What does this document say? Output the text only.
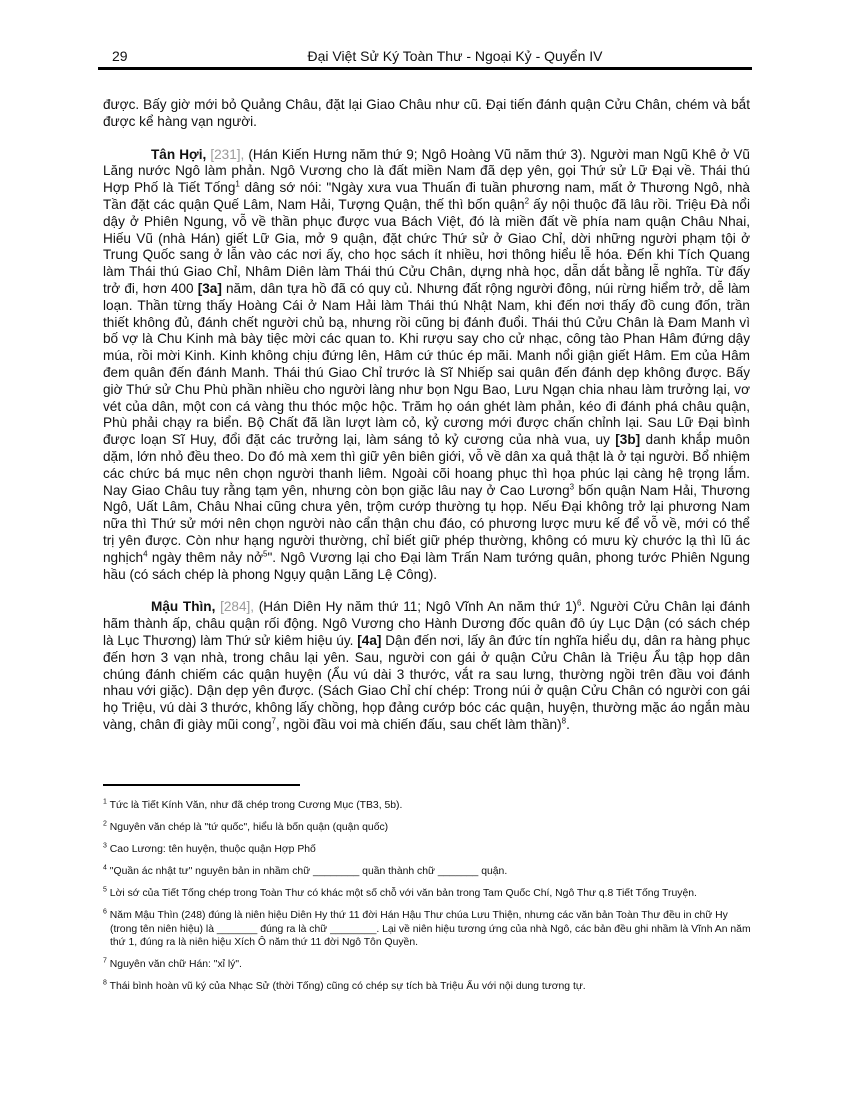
29	Đại Việt Sử Ký Toàn Thư - Ngoại Kỷ - Quyển IV

được. Bấy giờ mới bỏ Quảng Châu, đặt lại Giao Châu như cũ. Đại tiến đánh quận Cửu Chân, chém và bắt được kể hàng vạn người.

Tân Hợi, [231], (Hán Kiến Hưng năm thứ 9; Ngô Hoàng Vũ năm thứ 3). Người man Ngũ Khê ở Vũ Lăng nước Ngô làm phản. Ngô Vương cho là đất miền Nam đã dẹp yên, gọi Thứ sử Lữ Đại về. Thái thú Hợp Phố là Tiết Tống$^1$ dâng sớ nói: "Ngày xưa vua Thuấn đi tuần phương nam, mất ở Thương Ngô, nhà Tần đặt các quận Quế Lâm, Nam Hải, Tượng Quận, thế thì bốn quận$^2$ ấy nội thuộc đã lâu rồi. Triệu Đà nổi dậy ở Phiên Ngung, vỗ về thần phục được vua Bách Việt, đó là miền đất về phía nam quận Châu Nhai, Hiếu Vũ (nhà Hán) giết Lữ Gia, mở 9 quận, đặt chức Thứ sử ở Giao Chỉ, dời những người phạm tội ở Trung Quốc sang ở lẫn vào các nơi ấy, cho học sách ít nhiều, hơi thông hiểu lễ hóa. Đến khi Tích Quang làm Thái thú Giao Chỉ, Nhâm Diên làm Thái thú Cửu Chân, dựng nhà học, dẫn dắt bằng lễ nghĩa. Từ đấy trở đi, hơn 400 [3a] năm, dân tựa hồ đã có quy củ. Nhưng đất rộng người đông, núi rừng hiểm trở, dễ làm loạn. Thần từng thấy Hoàng Cái ở Nam Hải làm Thái thú Nhật Nam, khi đến nơi thấy đồ cung đốn, trần thiết không đủ, đánh chết người chủ bạ, nhưng rồi cũng bị đánh đuổi. Thái thú Cửu Chân là Đam Manh vì bố vợ là Chu Kinh mà bày tiệc mời các quan to. Khi rượu say cho cử nhạc, công tào Phan Hâm đứng dậy múa, rồi mời Kinh. Kinh không chịu đứng lên, Hâm cứ thúc ép mãi. Manh nổi giận giết Hâm. Em của Hâm đem quân đến đánh Manh. Thái thú Giao Chỉ trước là Sĩ Nhiếp sai quân đến đánh dẹp không được. Bấy giờ Thứ sử Chu Phù phần nhiều cho người làng như bọn Ngu Bao, Lưu Ngạn chia nhau làm trưởng lại, vơ vét của dân, một con cá vàng thu thóc mộc hộc. Trăm họ oán ghét làm phản, kéo đi đánh phá châu quận, Phù phải chạy ra biển. Bộ Chất đã lần lượt làm cỏ, kỷ cương mới được chấn chỉnh lại. Sau Lữ Đại bình được loạn Sĩ Huy, đổi đặt các trưởng lại, làm sáng tỏ kỷ cương của nhà vua, uy [3b] danh khắp muôn dặm, lớn nhỏ đều theo. Do đó mà xem thì giữ yên biên giới, vỗ về dân xa quả thật là ở tại người. Bổ nhiệm các chức bá mục nên chọn người thanh liêm. Ngoài cõi hoang phục thì họa phúc lại càng hệ trọng lắm. Nay Giao Châu tuy rằng tạm yên, nhưng còn bọn giặc lâu nay ở Cao Lương$^3$ bốn quận Nam Hải, Thương Ngô, Uất Lâm, Châu Nhai cũng chưa yên, trộm cướp thường tụ họp. Nếu Đại không trở lại phương Nam nữa thì Thứ sử mới nên chọn người nào cẩn thận chu đáo, có phương lược mưu kế để vỗ về, mới có thể trị yên được. Còn như hạng người thường, chỉ biết giữ phép thường, không có mưu kỳ chước lạ thì lũ ác nghịch$^4$ ngày thêm nảy nở$^5$". Ngô Vương lại cho Đại làm Trấn Nam tướng quân, phong tước Phiên Ngung hầu (có sách chép là phong Ngụy quận Lăng Lệ Công).

Mậu Thìn, [284], (Hán Diên Hy năm thứ 11; Ngô Vĩnh An năm thứ 1)$^6$. Người Cửu Chân lại đánh hãm thành ấp, châu quận rối động. Ngô Vương cho Hành Dương đốc quân đô úy Lục Dận (có sách chép là Lục Thương) làm Thứ sử kiêm hiệu úy. [4a] Dận đến nơi, lấy ân đức tín nghĩa hiểu dụ, dân ra hàng phục đến hơn 3 vạn nhà, trong châu lại yên. Sau, người con gái ở quận Cửu Chân là Triệu Ẩu tập họp dân chúng đánh chiếm các quận huyện (Ẩu vú dài 3 thước, vắt ra sau lưng, thường ngồi trên đầu voi đánh nhau với giặc). Dận dẹp yên được. (Sách Giao Chỉ chí chép: Trong núi ở quận Cửu Chân có người con gái họ Triệu, vú dài 3 thước, không lấy chồng, họp đảng cướp bóc các quận, huyện, thường mặc áo ngắn màu vàng, chân đi giày mũi cong$^7$, ngồi đầu voi mà chiến đấu, sau chết làm thần)$^8$.

$^1$ Tức là Tiết Kính Văn, như đã chép trong Cương Mục (TB3, 5b).
$^2$ Nguyên văn chép là "tứ quốc", hiểu là bốn quận (quận quốc)
$^3$ Cao Lương: tên huyện, thuộc quận Hợp Phố
$^4$ "Quần ác nhật tư" nguyên bản in nhầm chữ ________ quần thành chữ _______ quận.
$^5$ Lời sớ của Tiết Tống chép trong Toàn Thư có khác một số chỗ với văn bản trong Tam Quốc Chí, Ngô Thư q.8 Tiết Tống Truyện.
$^6$ Năm Mậu Thìn (248) đúng là niên hiệu Diên Hy thứ 11 đời Hán Hậu Thư chúa Lưu Thiện, nhưng các văn bản Toàn Thư đều in chữ Hy (trong tên niên hiệu) là _______ đúng ra là chữ ________. Lại về niên hiệu tương ứng của nhà Ngô, các bản đều ghi nhầm là Vĩnh An năm thứ 1, đúng ra là niên hiệu Xích Ô năm thứ 11 đời Ngô Tôn Quyền.
$^7$ Nguyên văn chữ Hán: "xỉ lý".
$^8$ Thái bình hoàn vũ ký của Nhạc Sử (thời Tống) cũng có chép sự tích bà Triệu Ẩu với nội dung tương tự.
